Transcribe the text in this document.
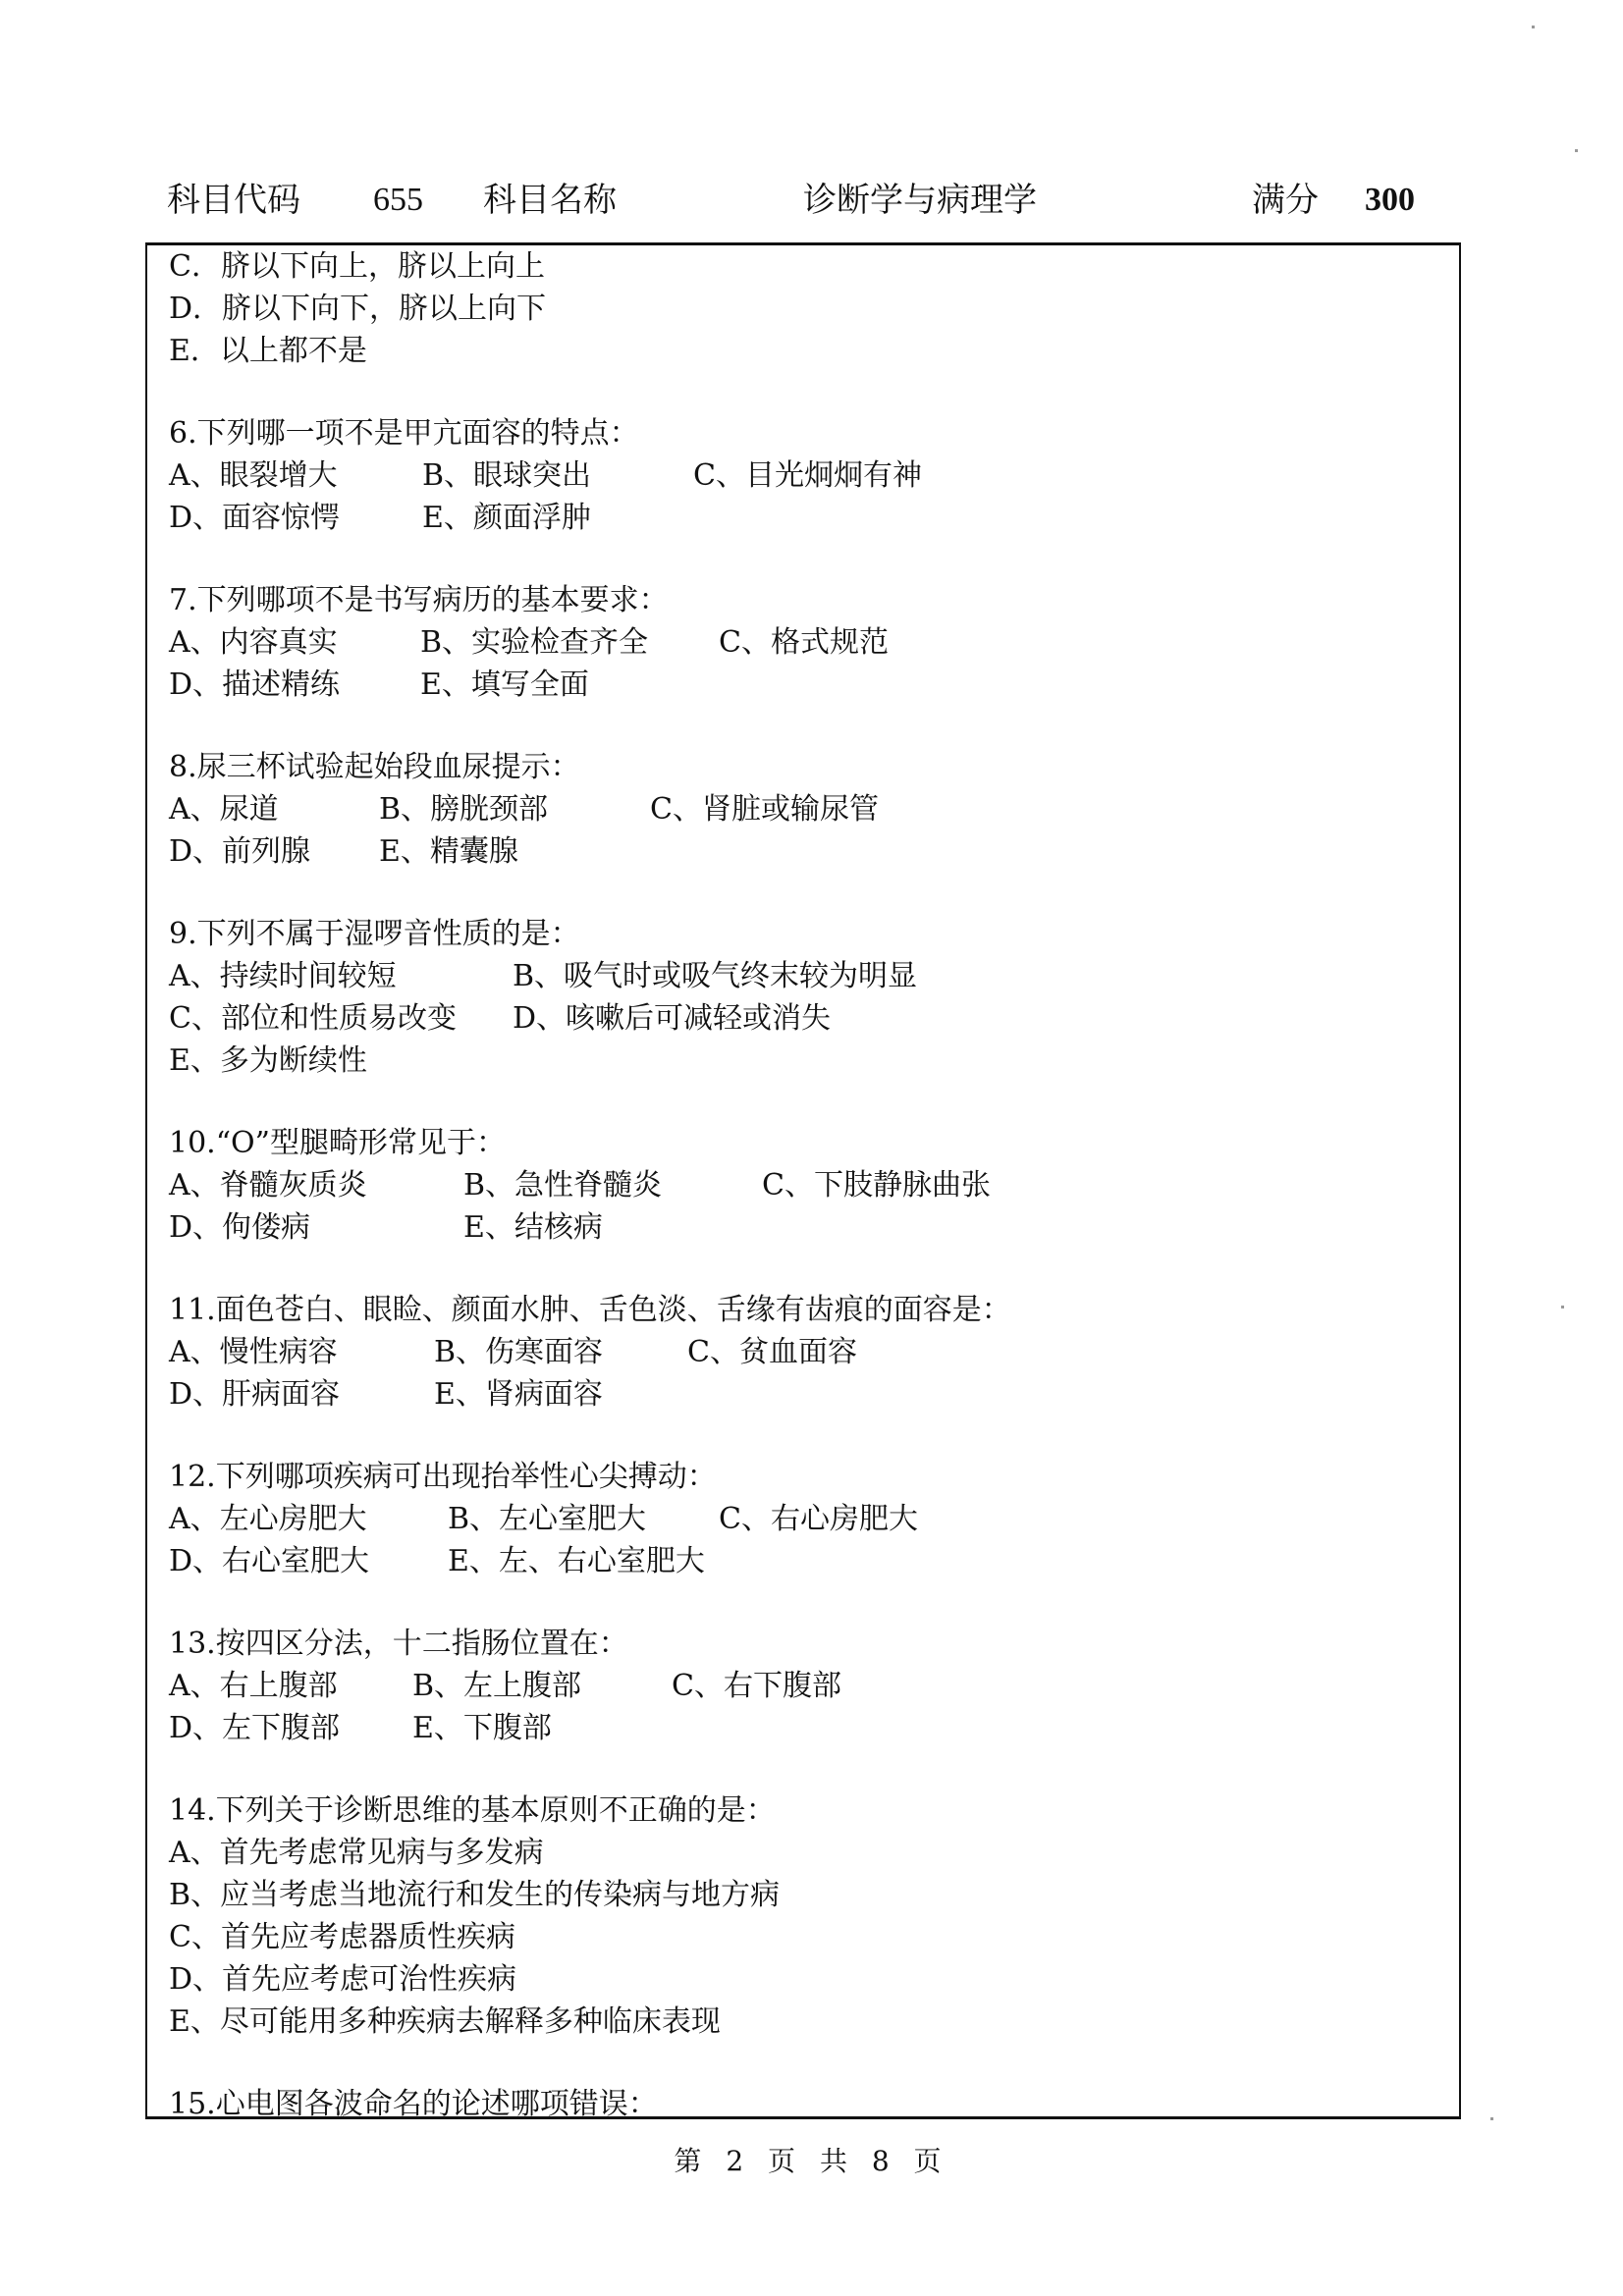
科目代码 655 科目名称	诊断学与病理学	满分 300
C．脐以下向上，脐以上向上
D．脐以下向下，脐以上向下
E．以上都不是
6.下列哪一项不是甲亢面容的特点：
A、眼裂增大	B、眼球突出	C、目光炯炯有神
D、面容惊愕	E、颜面浮肿
7.下列哪项不是书写病历的基本要求：
A、内容真实	B、实验检查齐全 C、格式规范
D、描述精练	E、填写全面
8.尿三杯试验起始段血尿提示：
A、尿道	B、膀胱颈部	C、肾脏或输尿管
D、前列腺 E、精囊腺
9.下列不属于湿啰音性质的是：
A、持续时间较短	B、吸气时或吸气终末较为明显
C、部位和性质易改变 D、咳嗽后可减轻或消失
E、多为断续性
10.“O”型腿畸形常见于：
A、脊髓灰质炎	B、急性脊髓炎	C、下肢静脉曲张
D、佝偻病	E、结核病
11.面色苍白、眼睑、颜面水肿、舌色淡、舌缘有齿痕的面容是：
A、慢性病容	B、伤寒面容	C、贫血面容
D、肝病面容	E、肾病面容
12.下列哪项疾病可出现抬举性心尖搏动：
A、左心房肥大	B、左心室肥大 C、右心房肥大
D、右心室肥大	E、左、右心室肥大
13.按四区分法，十二指肠位置在：
A、右上腹部	B、左上腹部	C、右下腹部
D、左下腹部 E、下腹部
14.下列关于诊断思维的基本原则不正确的是：
A、首先考虑常见病与多发病
B、应当考虑当地流行和发生的传染病与地方病
C、首先应考虑器质性疾病
D、首先应考虑可治性疾病
E、尽可能用多种疾病去解释多种临床表现
15.心电图各波命名的论述哪项错误：
第 2 页 共 8 页
